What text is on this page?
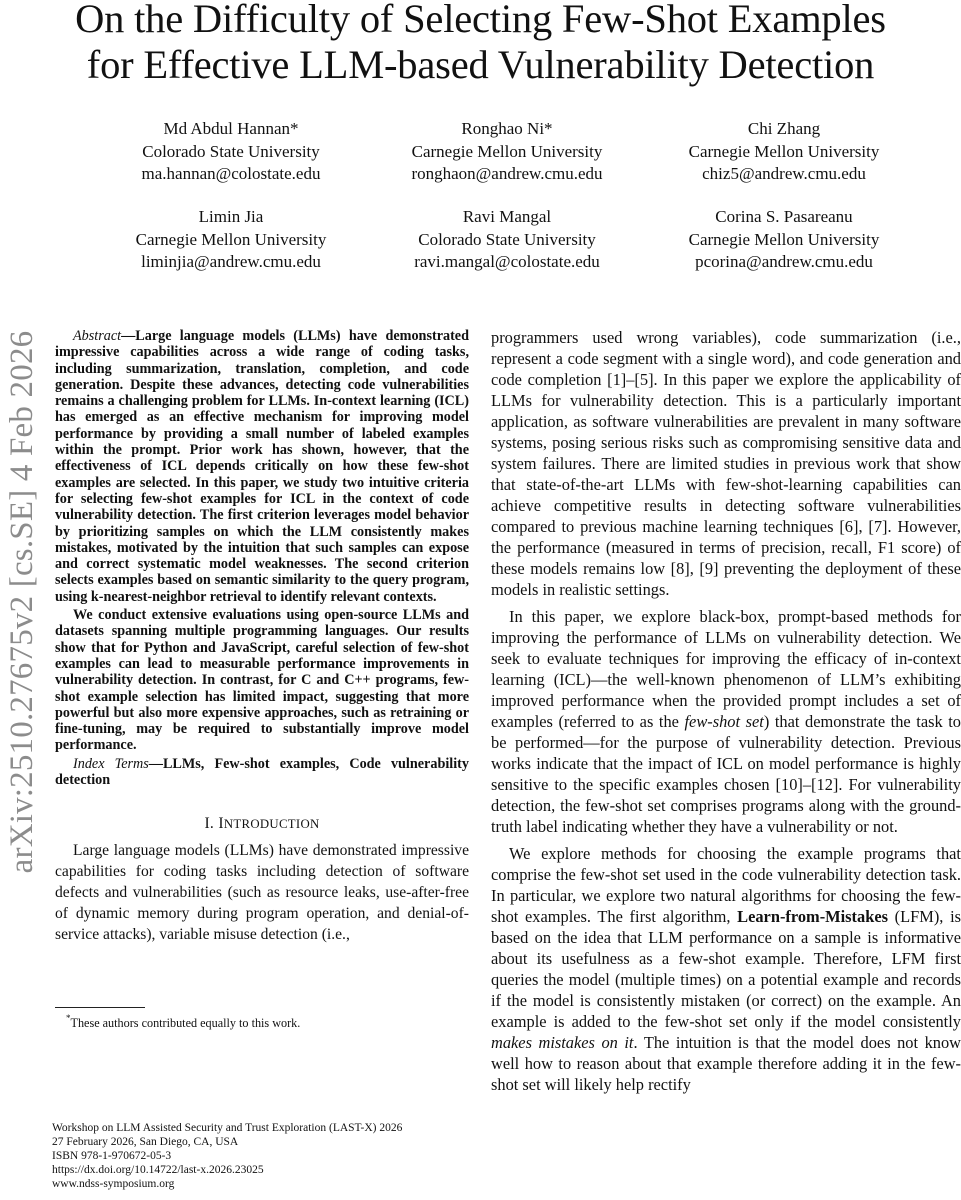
On the Difficulty of Selecting Few-Shot Examples
for Effective LLM-based Vulnerability Detection
Md Abdul Hannan*
Colorado State University
ma.hannan@colostate.edu
Ronghao Ni*
Carnegie Mellon University
ronghaon@andrew.cmu.edu
Chi Zhang
Carnegie Mellon University
chiz5@andrew.cmu.edu
Limin Jia
Carnegie Mellon University
liminjia@andrew.cmu.edu
Ravi Mangal
Colorado State University
ravi.mangal@colostate.edu
Corina S. Pasareanu
Carnegie Mellon University
pcorina@andrew.cmu.edu
arXiv:2510.27675v2 [cs.SE] 4 Feb 2026	Abstract—Large language models (LLMs) have demonstrated impressive capabilities across a wide range of coding tasks, including summarization, translation, completion, and code generation. Despite these advances, detecting code vulnerabilities remains a challenging problem for LLMs. In-context learning (ICL) has emerged as an effective mechanism for improving model performance by providing a small number of labeled examples within the prompt. Prior work has shown, however, that the effectiveness of ICL depends critically on how these few-shot examples are selected. In this paper, we study two intuitive criteria for selecting few-shot examples for ICL in the context of code vulnerability detection. The first criterion leverages model behavior by prioritizing samples on which the LLM consistently makes mistakes, motivated by the intuition that such samples can expose and correct systematic model weaknesses. The second criterion selects examples based on semantic similarity to the query program, using k-nearest-neighbor retrieval to identify relevant contexts.

We conduct extensive evaluations using open-source LLMs and datasets spanning multiple programming languages. Our results show that for Python and JavaScript, careful selection of few-shot examples can lead to measurable performance improvements in vulnerability detection. In contrast, for C and C++ programs, few-shot example selection has limited impact, suggesting that more powerful but also more expensive approaches, such as retraining or fine-tuning, may be required to substantially improve model performance.

Index Terms—LLMs, Few-shot examples, Code vulnerability detection

I. INTRODUCTION

Large language models (LLMs) have demonstrated impressive capabilities for coding tasks including detection of software defects and vulnerabilities (such as resource leaks, use-after-free of dynamic memory during program operation, and denial-of-service attacks), variable misuse detection (i.e.,

*These authors contributed equally to this work.
Workshop on LLM Assisted Security and Trust Exploration (LAST-X) 2026
27 February 2026, San Diego, CA, USA
ISBN 978-1-970672-05-3
https://dx.doi.org/10.14722/last-x.2026.23025
www.ndss-symposium.org

programmers used wrong variables), code summarization (i.e., represent a code segment with a single word), and code generation and code completion [1]–[5]. In this paper we explore the applicability of LLMs for vulnerability detection. This is a particularly important application, as software vulnerabilities are prevalent in many software systems, posing serious risks such as compromising sensitive data and system failures. There are limited studies in previous work that show that state-of-the-art LLMs with few-shot-learning capabilities can achieve competitive results in detecting software vulnerabilities compared to previous machine learning techniques [6], [7]. However, the performance (measured in terms of precision, recall, F1 score) of these models remains low [8], [9] preventing the deployment of these models in realistic settings.

In this paper, we explore black-box, prompt-based methods for improving the performance of LLMs on vulnerability detection. We seek to evaluate techniques for improving the efficacy of in-context learning (ICL)—the well-known phenomenon of LLM’s exhibiting improved performance when the provided prompt includes a set of examples (referred to as the few-shot set) that demonstrate the task to be performed—for the purpose of vulnerability detection. Previous works indicate that the impact of ICL on model performance is highly sensitive to the specific examples chosen [10]–[12]. For vulnerability detection, the few-shot set comprises programs along with the ground-truth label indicating whether they have a vulnerability or not.

We explore methods for choosing the example programs that comprise the few-shot set used in the code vulnerability detection task. In particular, we explore two natural algorithms for choosing the few-shot examples. The first algorithm, Learn-from-Mistakes (LFM), is based on the idea that LLM performance on a sample is informative about its usefulness as a few-shot example. Therefore, LFM first queries the model (multiple times) on a potential example and records if the model is consistently mistaken (or correct) on the example. An example is added to the few-shot set only if the model consistently makes mistakes on it. The intuition is that the model does not know well how to reason about that example therefore adding it in the few-shot set will likely help rectify
